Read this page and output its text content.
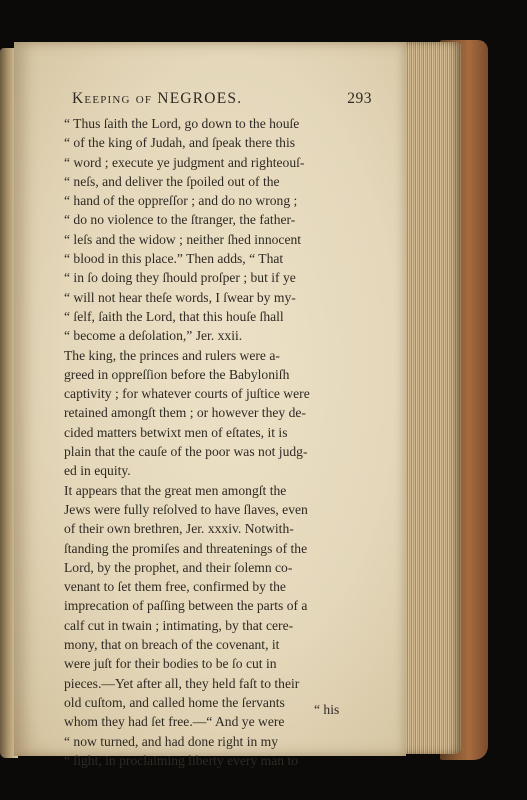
Keeping of NEGROES.	293
“ Thus ſaith the Lord, go down to the houſe
“ of the king of Judah, and ſpeak there this
“ word ; execute ye judgment and righteouſ-
“ neſs, and deliver the ſpoiled out of the
“ hand of the oppreſſor ; and do no wrong ;
“ do no violence to the ſtranger, the father-
“ leſs and the widow ; neither ſhed innocent
“ blood in this place.” Then adds, “ That
“ in ſo doing they ſhould proſper ; but if ye
“ will not hear theſe words, I ſwear by my-
“ ſelf, ſaith the Lord, that this houſe ſhall
“ become a deſolation,” Jer. xxii.
The king, the princes and rulers were a-
greed in oppreſſion before the Babyloniſh
captivity ; for whatever courts of juſtice were
retained amongſt them ; or however they de-
cided matters betwixt men of eſtates, it is
plain that the cauſe of the poor was not judg-
ed in equity.
It appears that the great men amongſt the
Jews were fully reſolved to have ſlaves, even
of their own brethren, Jer. xxxiv. Notwith-
ſtanding the promiſes and threatenings of the
Lord, by the prophet, and their ſolemn co-
venant to ſet them free, confirmed by the
imprecation of paſſing between the parts of a
calf cut in twain ; intimating, by that cere-
mony, that on breach of the covenant, it
were juſt for their bodies to be ſo cut in
pieces.—Yet after all, they held faſt to their
old cuſtom, and called home the ſervants
whom they had ſet free.—“ And ye were
“ now turned, and had done right in my
“ ſight, in proclaiming liberty every man to
“ his
